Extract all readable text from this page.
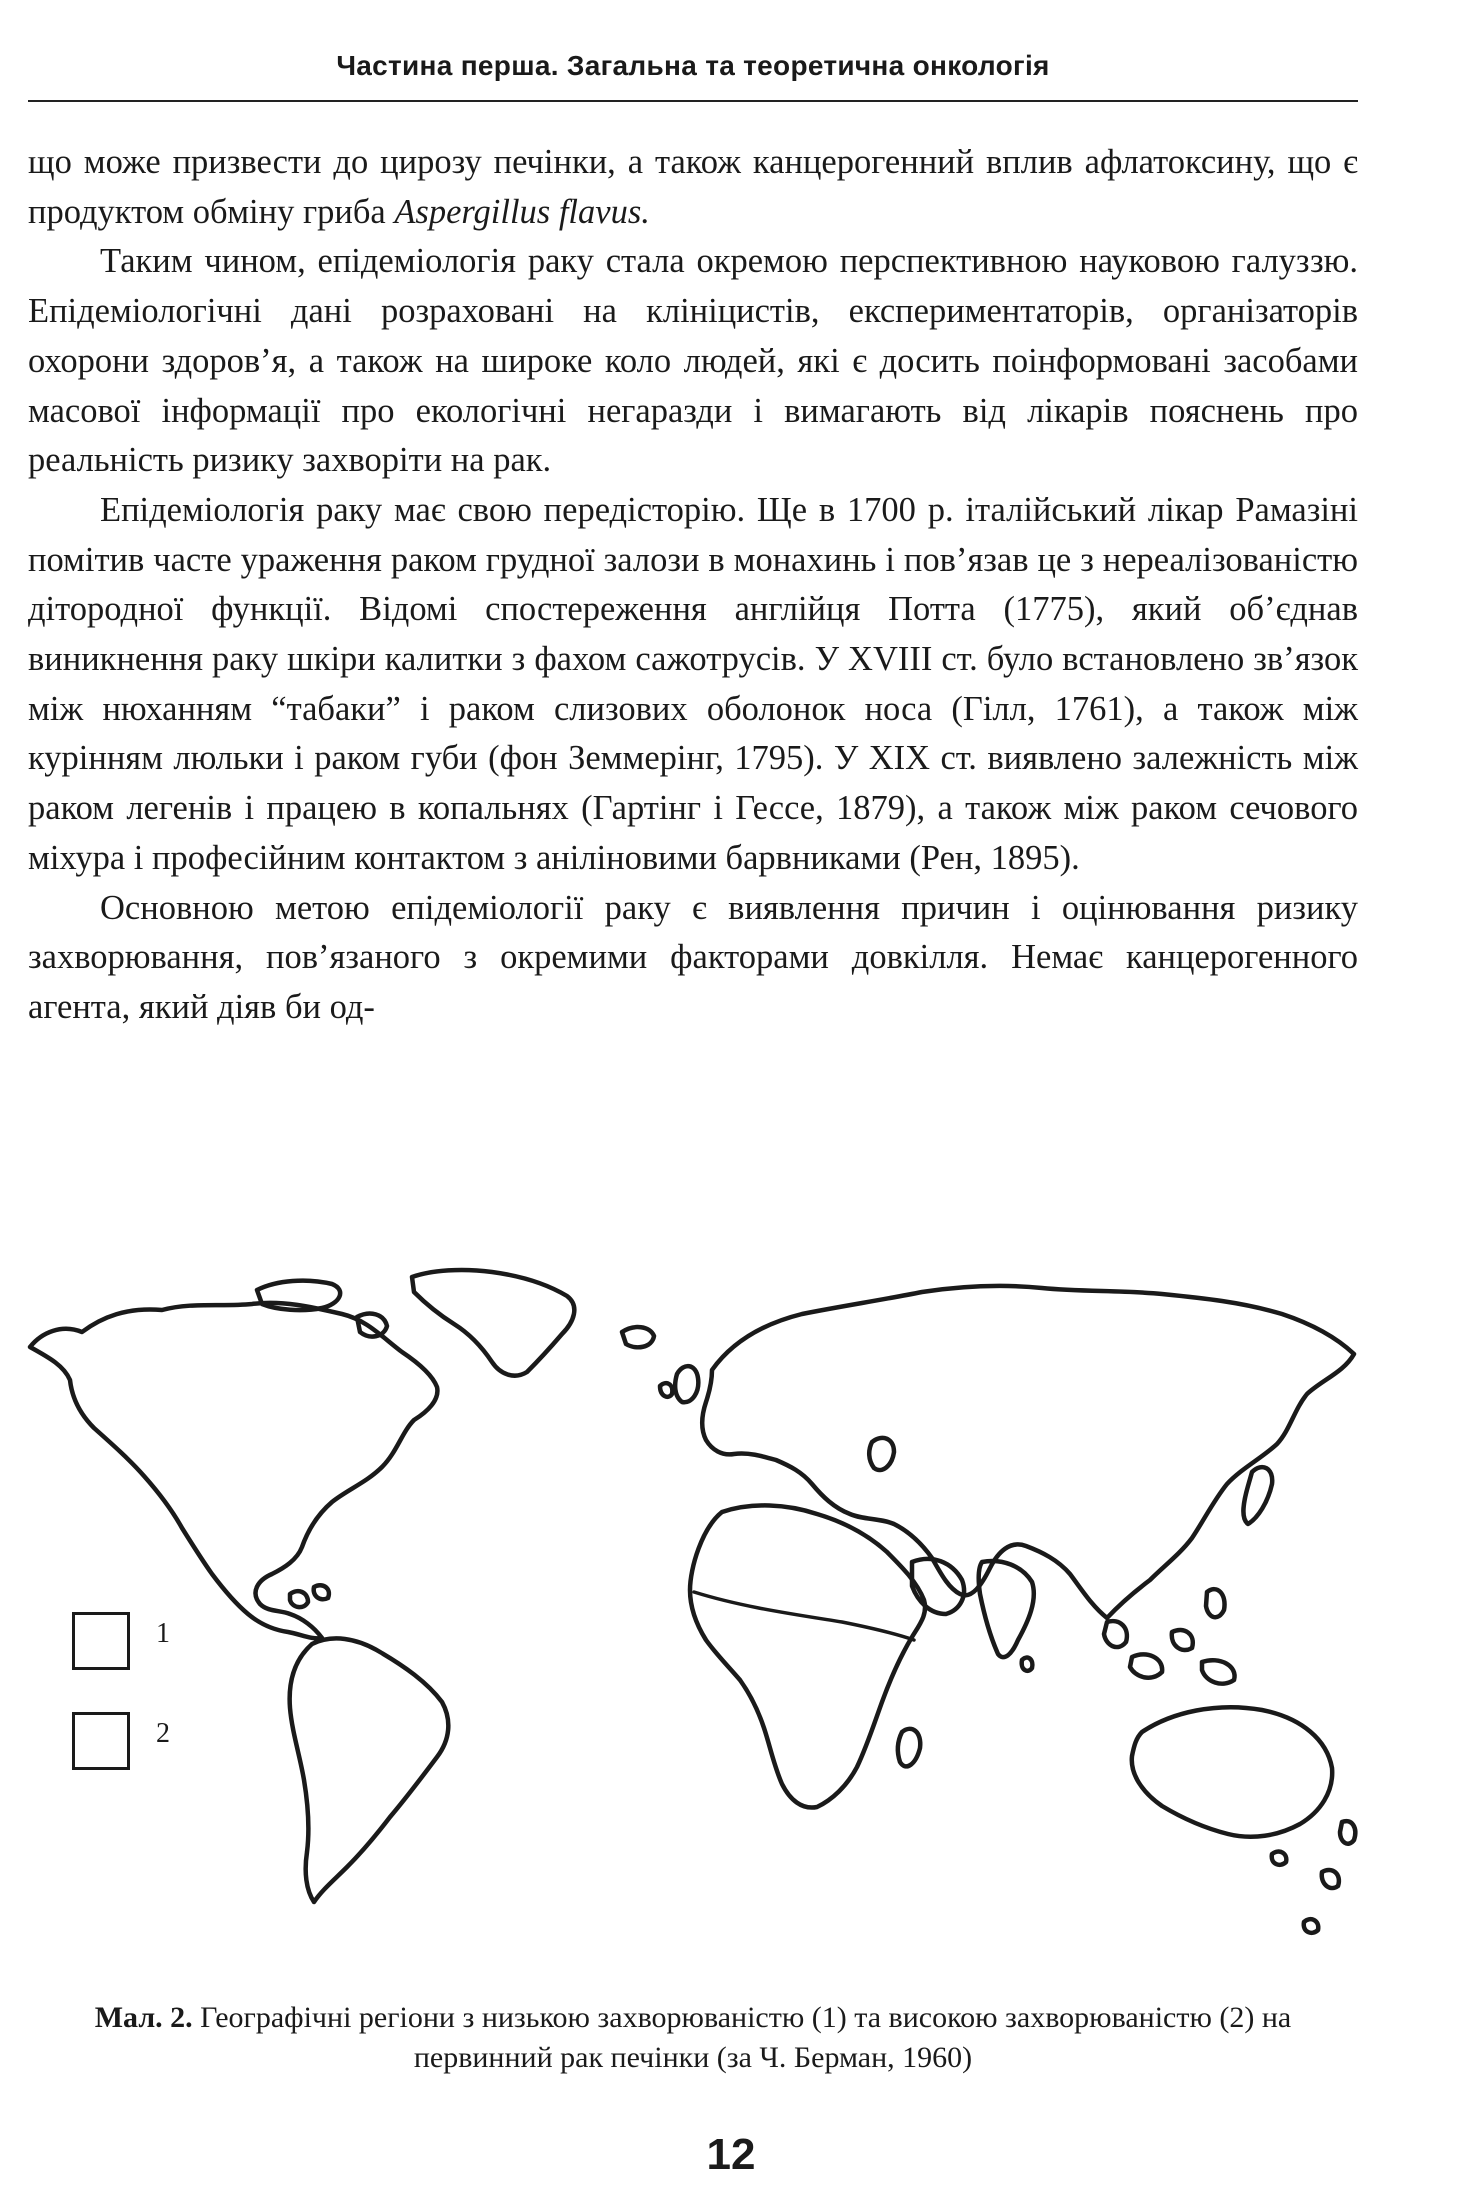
Частина перша. Загальна та теоретична онкологія

що може призвести до цирозу печінки, а також канцерогенний вплив афлатоксину, що є продуктом обміну гриба Aspergillus flavus.

Таким чином, епідеміологія раку стала окремою перспективною науковою галуззю. Епідеміологічні дані розраховані на клініцистів, експериментаторів, організаторів охорони здоров’я, а також на широке коло людей, які є досить поінформовані засобами масової інформації про екологічні негаразди і вимагають від лікарів пояснень про реальність ризику захворіти на рак.

Епідеміологія раку має свою передісторію. Ще в 1700 р. італійський лікар Рамазіні помітив часте ураження раком грудної залози в монахинь і пов’язав це з нереалізованістю дітородної функції. Відомі спостереження англійця Потта (1775), який об’єднав виникнення раку шкіри калитки з фахом сажотрусів. У XVIII ст. було встановлено зв’язок між нюханням “табаки” і раком слизових оболонок носа (Гілл, 1761), а також між курінням люльки і раком губи (фон Земмерінг, 1795). У XIX ст. виявлено залежність між раком легенів і працею в копальнях (Гартінг і Гессе, 1879), а також між раком сечового міхура і професійним контактом з аніліновими барвниками (Рен, 1895).

Основною метою епідеміології раку є виявлення причин і оцінювання ризику захворювання, пов’язаного з окремими факторами довкілля. Немає канцерогенного агента, який діяв би од-

1
2
Мал. 2. Географічні регіони з низькою захворюваністю (1) та високою захворюваністю (2) на первинний рак печінки (за Ч. Берман, 1960)
12
